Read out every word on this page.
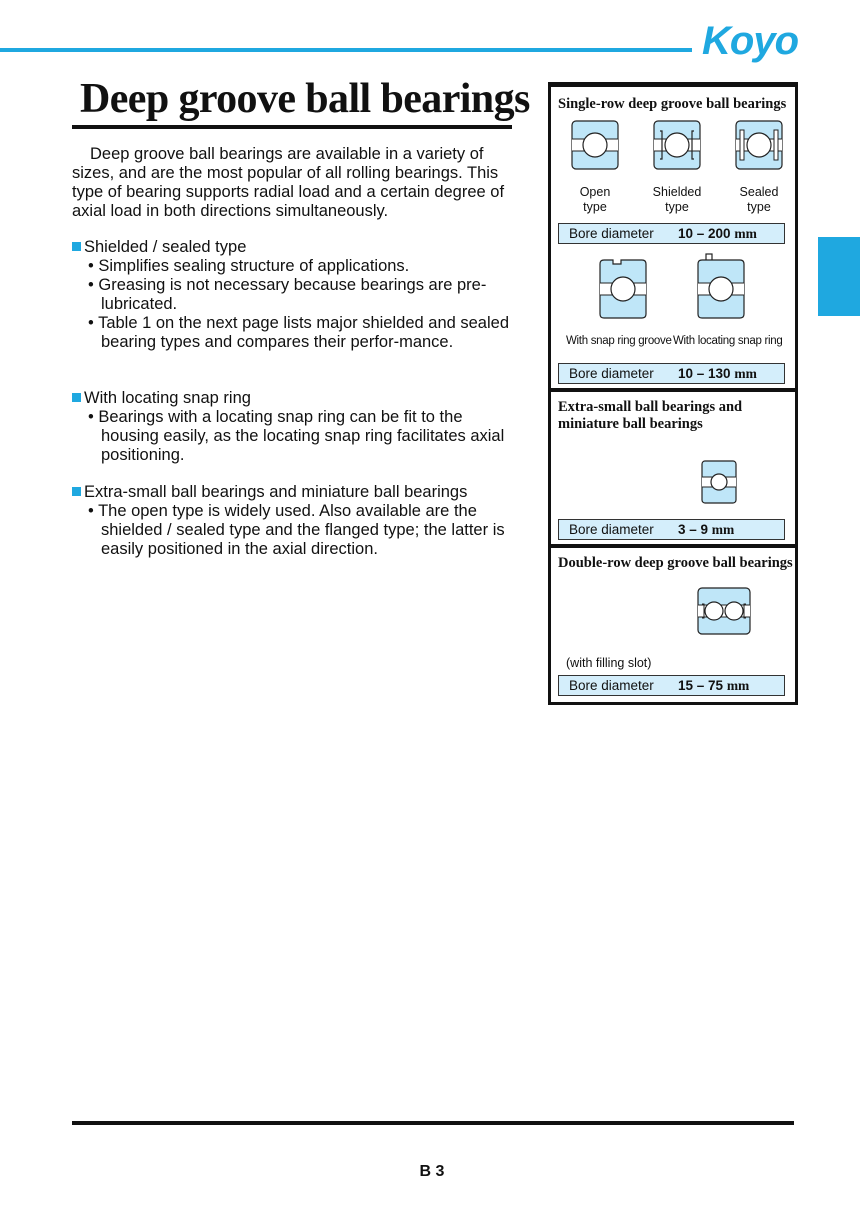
Koyo
Deep groove ball bearings

Deep groove ball bearings are available in a variety of sizes, and are the most popular of all rolling bearings. This type of bearing supports radial load and a certain degree of axial load in both directions simultaneously.

Shielded / sealed type

• Simplifies sealing structure of applications.

• Greasing is not necessary because bearings are pre-lubricated.

• Table 1 on the next page lists major shielded and sealed bearing types and compares their perfor-mance.

With locating snap ring

• Bearings with a locating snap ring can be fit to the housing easily, as the locating snap ring facilitates axial positioning.

Extra-small ball bearings and miniature ball bearings

• The open type is widely used. Also available are the shielded / sealed type and the flanged type; the latter is easily positioned in the axial direction.

Single-row deep groove ball bearings
Open
type
Shielded
type
Sealed
type
Bore diameter 10 – 200 mm
With snap ring groove With locating snap ring
Bore diameter 10 – 130 mm
Extra-small ball bearings and
miniature ball bearings
Bore diameter 3 – 9 mm
Double-row deep groove ball bearings
(with filling slot)
Bore diameter 15 – 75 mm
B 3
